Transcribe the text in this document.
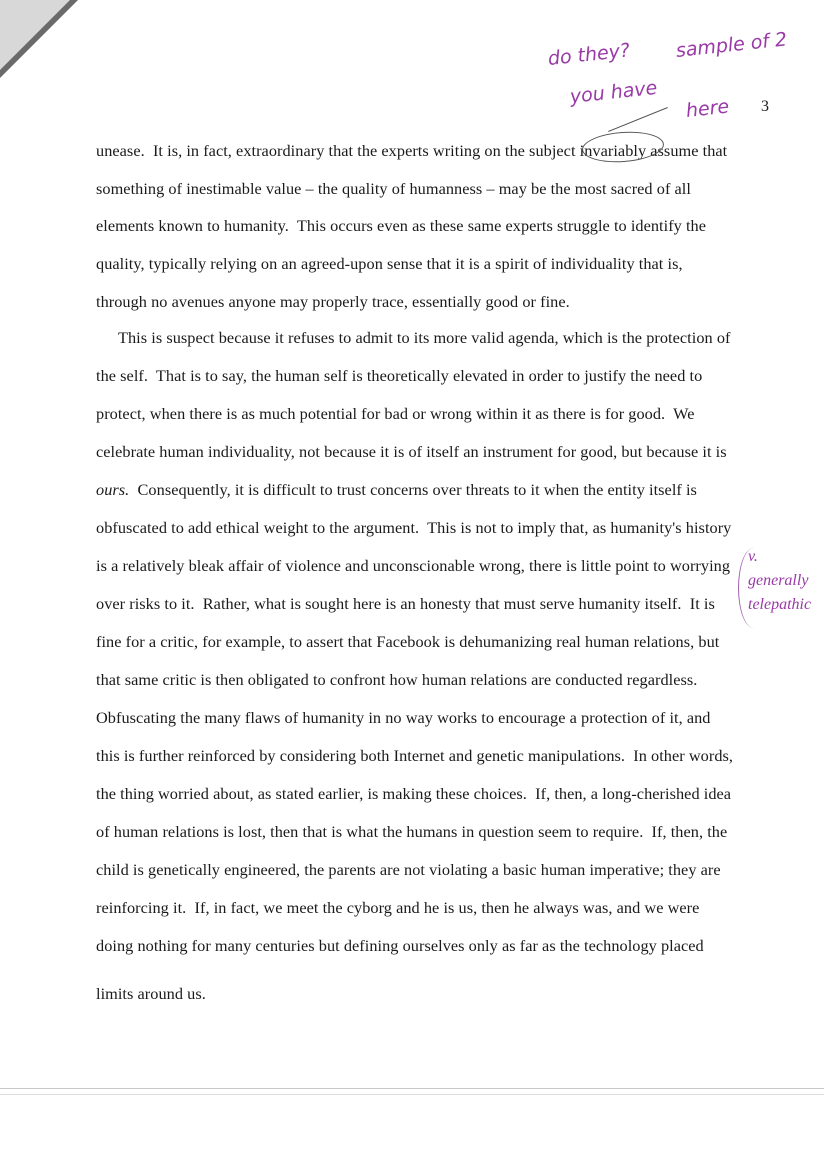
3
unease.  It is, in fact, extraordinary that the experts writing on the subject invariably assume that
something of inestimable value – the quality of humanness – may be the most sacred of all
elements known to humanity.  This occurs even as these same experts struggle to identify the
quality, typically relying on an agreed-upon sense that it is a spirit of individuality that is,
through no avenues anyone may properly trace, essentially good or fine.
This is suspect because it refuses to admit to its more valid agenda, which is the protection of
the self.  That is to say, the human self is theoretically elevated in order to justify the need to
protect, when there is as much potential for bad or wrong within it as there is for good.  We
celebrate human individuality, not because it is of itself an instrument for good, but because it is
ours.  Consequently, it is difficult to trust concerns over threats to it when the entity itself is
obfuscated to add ethical weight to the argument.  This is not to imply that, as humanity's history
is a relatively bleak affair of violence and unconscionable wrong, there is little point to worrying
over risks to it.  Rather, what is sought here is an honesty that must serve humanity itself.  It is
fine for a critic, for example, to assert that Facebook is dehumanizing real human relations, but
that same critic is then obligated to confront how human relations are conducted regardless.
Obfuscating the many flaws of humanity in no way works to encourage a protection of it, and
this is further reinforced by considering both Internet and genetic manipulations.  In other words,
the thing worried about, as stated earlier, is making these choices.  If, then, a long-cherished idea
of human relations is lost, then that is what the humans in question seem to require.  If, then, the
child is genetically engineered, the parents are not violating a basic human imperative; they are
reinforcing it.  If, in fact, we meet the cyborg and he is us, then he always was, and we were
doing nothing for many centuries but defining ourselves only as far as the technology placed
limits around us.
do they? sample of 2
you have
here
v.
generally
telepathic
